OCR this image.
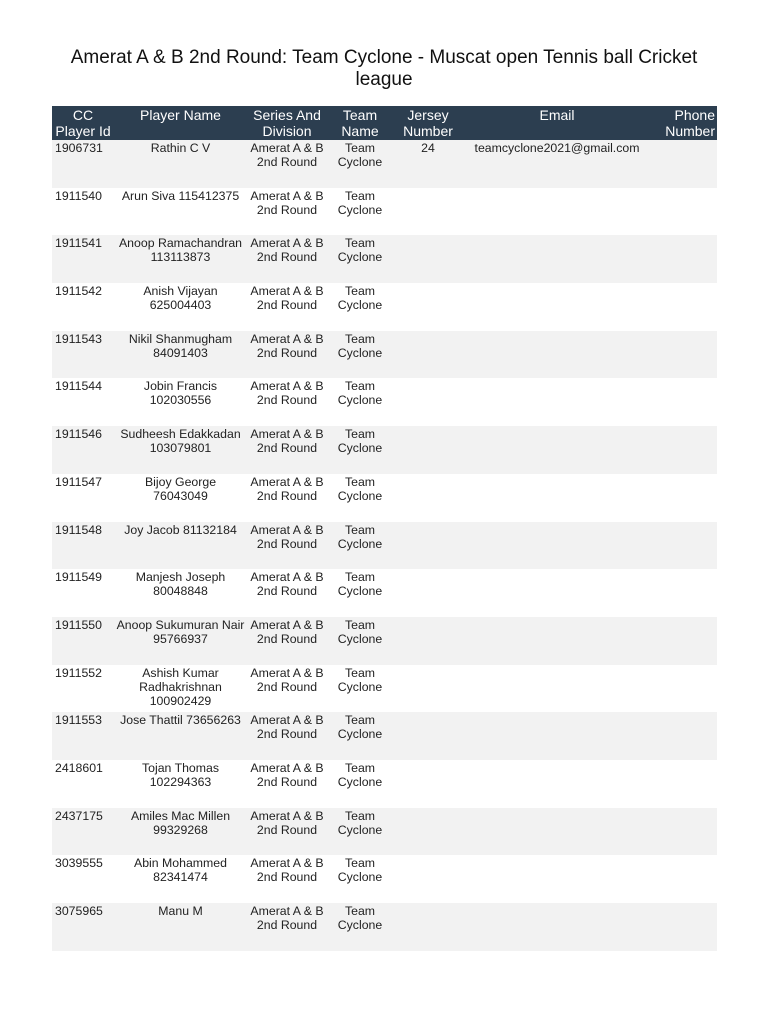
Amerat A & B 2nd Round: Team Cyclone - Muscat open Tennis ball Cricket league
CC Player Id	Player Name	Series And Division	Team Name	Jersey Number	Email	Phone Number
1906731	Rathin C V	Amerat A & B 2nd Round	Team Cyclone	24	teamcyclone2021@gmail.com	
1911540	Arun Siva 115412375	Amerat A & B 2nd Round	Team Cyclone			
1911541	Anoop Ramachandran 113113873	Amerat A & B 2nd Round	Team Cyclone			
1911542	Anish Vijayan 625004403	Amerat A & B 2nd Round	Team Cyclone			
1911543	Nikil Shanmugham 84091403	Amerat A & B 2nd Round	Team Cyclone			
1911544	Jobin Francis 102030556	Amerat A & B 2nd Round	Team Cyclone			
1911546	Sudheesh Edakkadan 103079801	Amerat A & B 2nd Round	Team Cyclone			
1911547	Bijoy George 76043049	Amerat A & B 2nd Round	Team Cyclone			
1911548	Joy Jacob 81132184	Amerat A & B 2nd Round	Team Cyclone			
1911549	Manjesh Joseph 80048848	Amerat A & B 2nd Round	Team Cyclone			
1911550	Anoop Sukumuran Nair 95766937	Amerat A & B 2nd Round	Team Cyclone			
1911552	Ashish Kumar Radhakrishnan 100902429	Amerat A & B 2nd Round	Team Cyclone			
1911553	Jose Thattil 73656263	Amerat A & B 2nd Round	Team Cyclone			
2418601	Tojan Thomas 102294363	Amerat A & B 2nd Round	Team Cyclone			
2437175	Amiles Mac Millen 99329268	Amerat A & B 2nd Round	Team Cyclone			
3039555	Abin Mohammed 82341474	Amerat A & B 2nd Round	Team Cyclone			
3075965	Manu M	Amerat A & B 2nd Round	Team Cyclone			
